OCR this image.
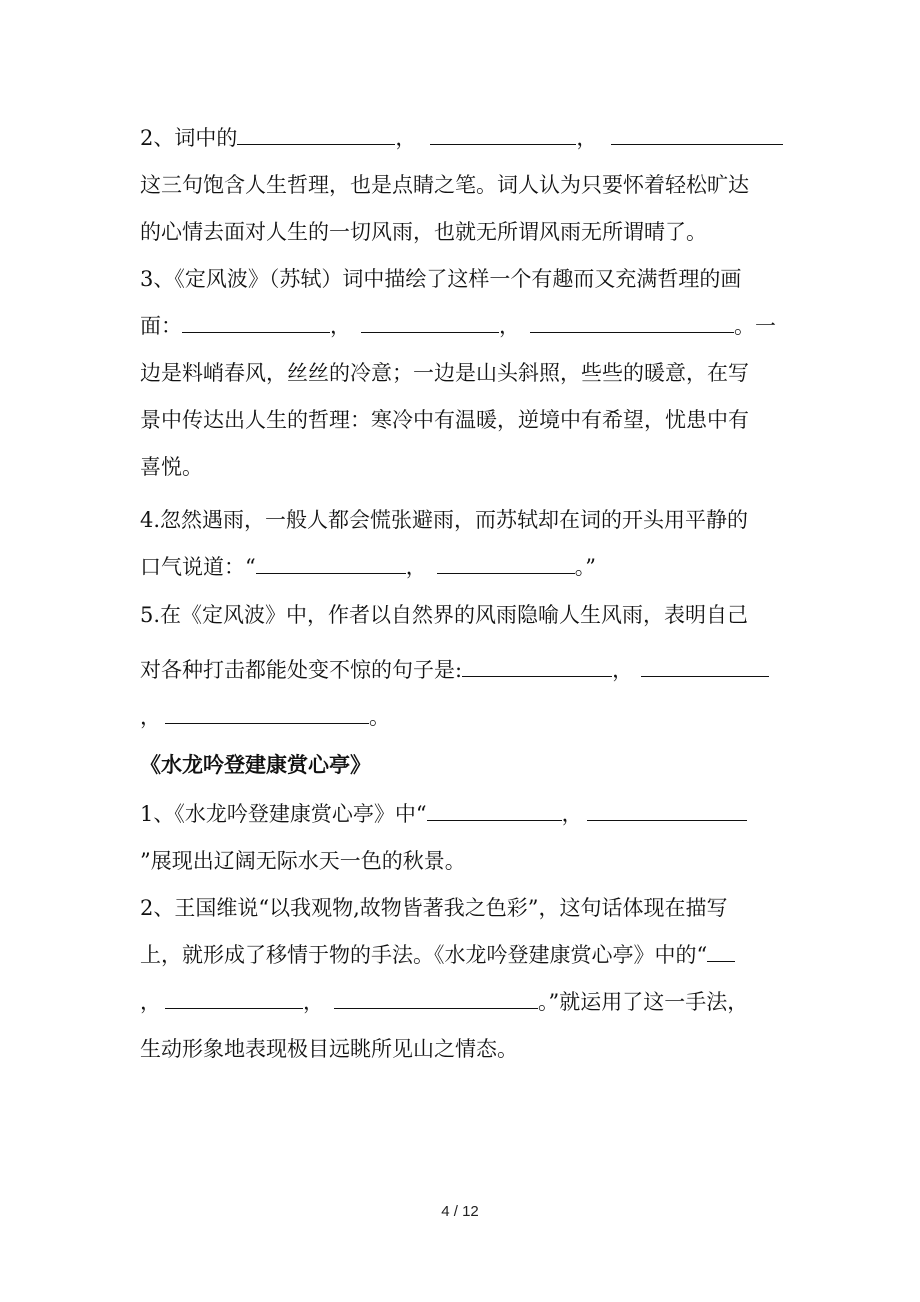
2、词中的	，	，
这三句饱含人生哲理，也是点睛之笔。词人认为只要怀着轻松旷达
的心情去面对人生的一切风雨，也就无所谓风雨无所谓晴了。
3、《定风波》（苏轼）词中描绘了这样一个有趣而又充满哲理的画
面：	，	，	。一
边是料峭春风，丝丝的冷意；一边是山头斜照，些些的暖意，在写
景中传达出人生的哲理：寒冷中有温暖，逆境中有希望，忧患中有
喜悦。
4.忽然遇雨，一般人都会慌张避雨，而苏轼却在词的开头用平静的
口气说道：“	，	。”
5.在《定风波》中，作者以自然界的风雨隐喻人生风雨，表明自己
对各种打击都能处变不惊的句子是:	，
，	。
《水龙吟登建康赏心亭》
1、《水龙吟登建康赏心亭》中“	，
”展现出辽阔无际水天一色的秋景。
2、王国维说“以我观物,故物皆著我之色彩”，这句话体现在描写
上，就形成了移情于物的手法。《水龙吟登建康赏心亭》中的“
，	，	。”就运用了这一手法，
生动形象地表现极目远眺所见山之情态。
4 / 12
